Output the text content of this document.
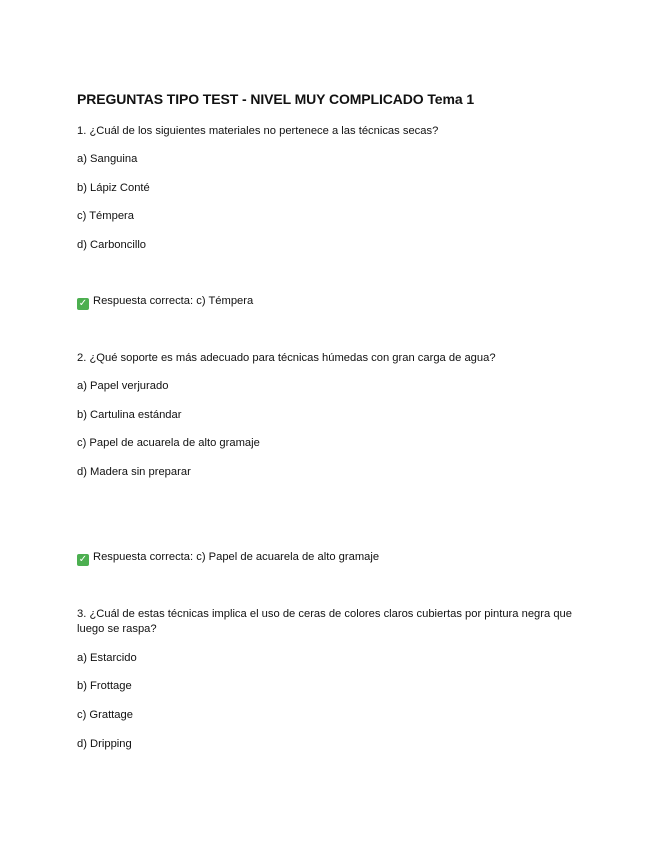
PREGUNTAS TIPO TEST - NIVEL MUY COMPLICADO Tema 1
1. ¿Cuál de los siguientes materiales no pertenece a las técnicas secas?
a) Sanguina
b) Lápiz Conté
c) Témpera
d) Carboncillo
✓ Respuesta correcta: c) Témpera
2. ¿Qué soporte es más adecuado para técnicas húmedas con gran carga de agua?
a) Papel verjurado
b) Cartulina estándar
c) Papel de acuarela de alto gramaje
d) Madera sin preparar
✓ Respuesta correcta: c) Papel de acuarela de alto gramaje
3. ¿Cuál de estas técnicas implica el uso de ceras de colores claros cubiertas por pintura negra que luego se raspa?
a) Estarcido
b) Frottage
c) Grattage
d) Dripping
